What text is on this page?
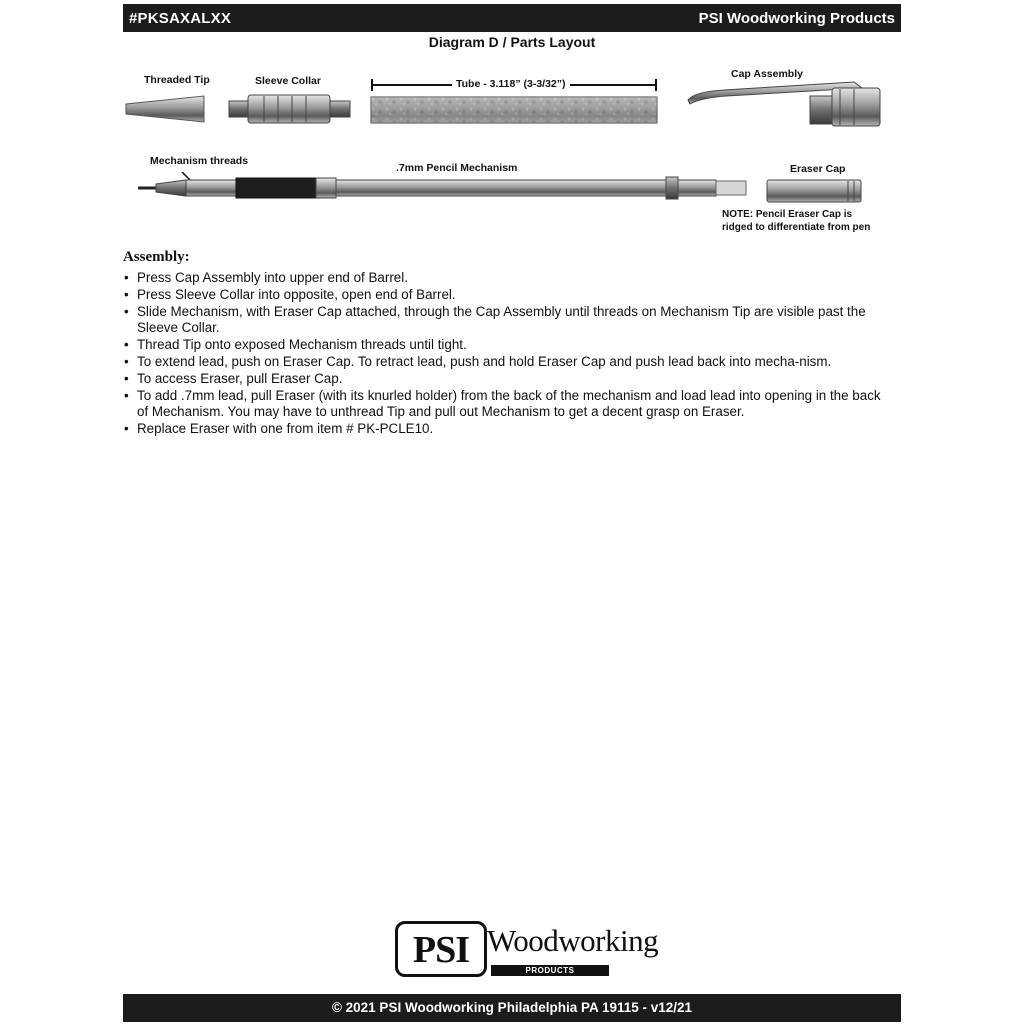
#PKSAXALXX	PSI Woodworking Products
Diagram D / Parts Layout
Threaded Tip	Sleeve Collar
Cap Assembly
Mechanism threads
.7mm Pencil Mechanism	Eraser Cap
Tube - 3.118” (3-3/32”)
NOTE: Pencil Eraser Cap is
ridged to differentiate from pen
Assembly:
• Press Cap Assembly into upper end of Barrel.
• Press Sleeve Collar into opposite, open end of Barrel.
• Slide Mechanism, with Eraser Cap attached, through the Cap Assembly until threads on Mechanism Tip are visible past the Sleeve Collar.
• Thread Tip onto exposed Mechanism threads until tight.
• To extend lead, push on Eraser Cap. To retract lead, push and hold Eraser Cap and push lead back into mecha-nism.
• To access Eraser, pull Eraser Cap.
• To add .7mm lead, pull Eraser (with its knurled holder) from the back of the mechanism and load lead into opening in the back of Mechanism. You may have to unthread Tip and pull out Mechanism to get a decent grasp on Eraser.
• Replace Eraser with one from item # PK-PCLE10.
PSI Woodworking
PRODUCTS
© 2021 PSI Woodworking Philadelphia PA 19115 - v12/21
